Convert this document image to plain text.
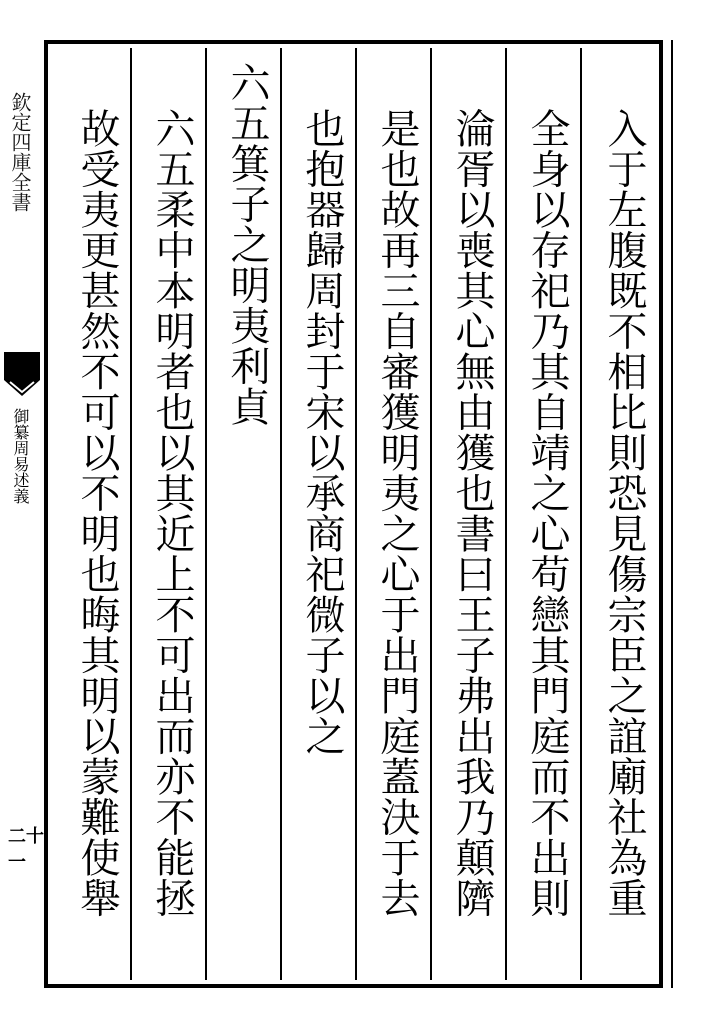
欽定四庫全書
御纂周易述義
二十一	入于左腹既不相比則恐見傷宗臣之誼廟社為重
全身以存祀乃其自靖之心苟戀其門庭而不出則
淪胥以喪其心無由獲也書曰王子弗出我乃顛隮
是也故再三自審獲明夷之心于出門庭蓋決于去
也抱器歸周封于宋以承商祀微子以之
六五箕子之明夷利貞
六五柔中本明者也以其近上不可出而亦不能拯
故受夷更甚然不可以不明也晦其明以蒙難使舉
